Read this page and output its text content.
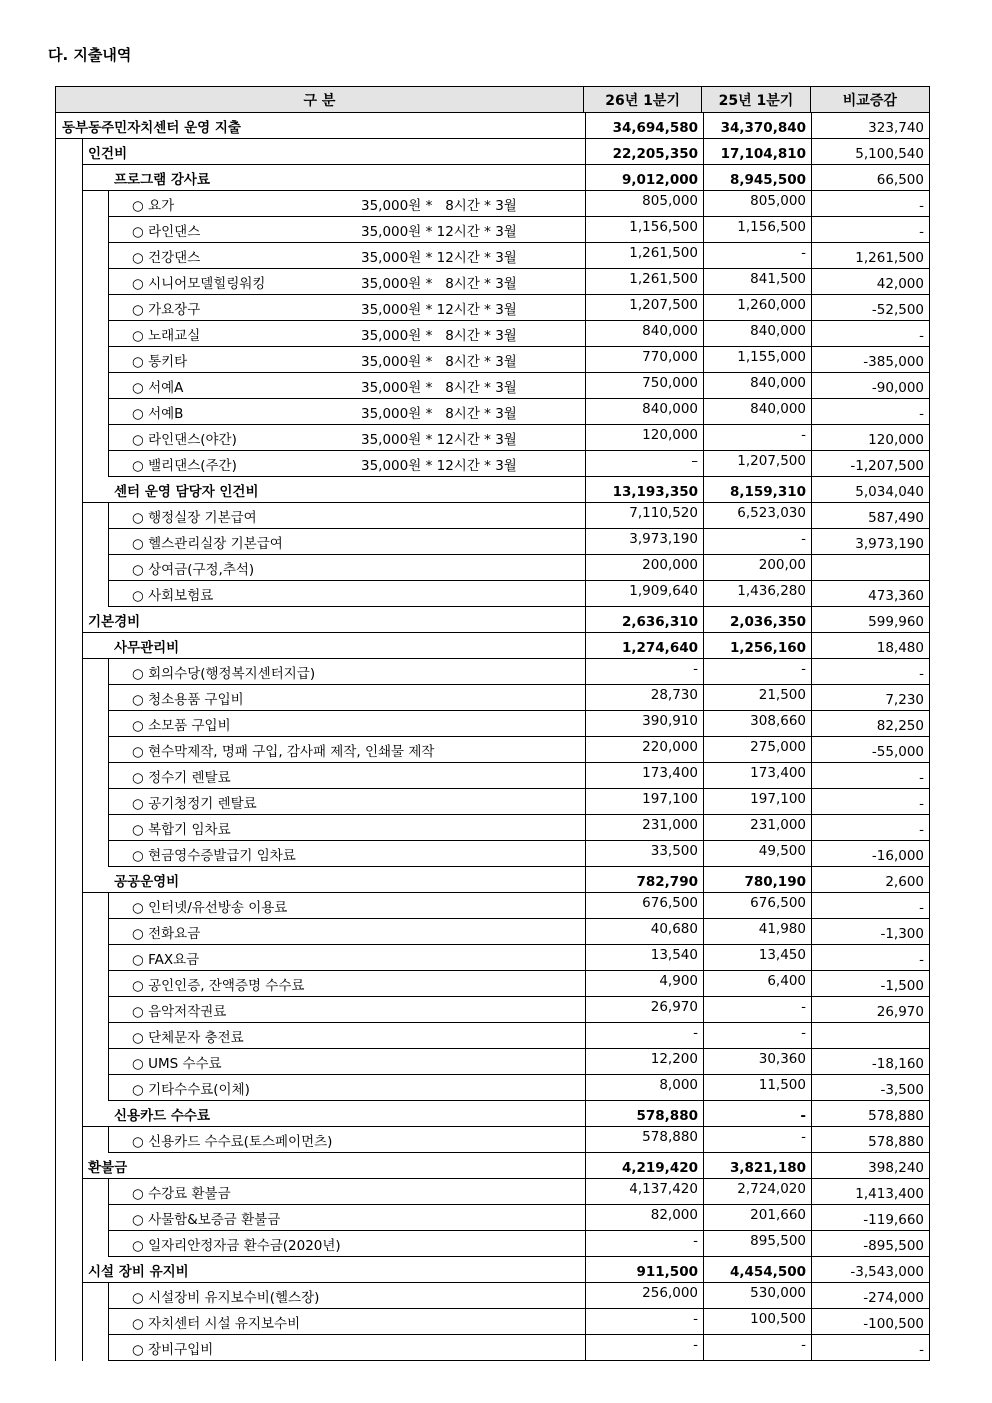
다. 지출내역
구 분	26년 1분기	25년 1분기	비교증감
동부동주민자치센터 운영 지출	34,694,580	34,370,840	323,740
인건비	22,205,350	17,104,810	5,100,540
프로그램 강사료	9,012,000	8,945,500	66,500
○ 요가	35,000원 *   8시간 * 3월	805,000	805,000	-
○ 라인댄스	35,000원 * 12시간 * 3월	1,156,500	1,156,500	-
○ 건강댄스	35,000원 * 12시간 * 3월	1,261,500	-	1,261,500
○ 시니어모델힐링워킹	35,000원 *   8시간 * 3월	1,261,500	841,500	42,000
○ 가요장구	35,000원 * 12시간 * 3월	1,207,500	1,260,000	-52,500
○ 노래교실	35,000원 *   8시간 * 3월	840,000	840,000	-
○ 통키타	35,000원 *   8시간 * 3월	770,000	1,155,000	-385,000
○ 서예A	35,000원 *   8시간 * 3월	750,000	840,000	-90,000
○ 서예B	35,000원 *   8시간 * 3월	840,000	840,000	-
○ 라인댄스(야간)	35,000원 * 12시간 * 3월	120,000	-	120,000
○ 밸리댄스(주간)	35,000원 * 12시간 * 3월	–	1,207,500	-1,207,500
센터 운영 담당자 인건비	13,193,350	8,159,310	5,034,040
○ 행정실장 기본급여	7,110,520	6,523,030	587,490
○ 헬스관리실장 기본급여	3,973,190	-	3,973,190
○ 상여금(구정,추석)	200,000	200,00
○ 사회보험료	1,909,640	1,436,280	473,360
기본경비	2,636,310	2,036,350	599,960
사무관리비	1,274,640	1,256,160	18,480
○ 회의수당(행정복지센터지급)	-	-	-
○ 청소용품 구입비	28,730	21,500	7,230
○ 소모품 구입비	390,910	308,660	82,250
○ 현수막제작, 명패 구입, 감사패 제작, 인쇄물 제작	220,000	275,000	-55,000
○ 정수기 렌탈료	173,400	173,400	-
○ 공기청정기 렌탈료	197,100	197,100	-
○ 복합기 임차료	231,000	231,000	-
○ 현금영수증발급기 임차료	33,500	49,500	-16,000
공공운영비	782,790	780,190	2,600
○ 인터넷/유선방송 이용료	676,500	676,500	-
○ 전화요금	40,680	41,980	-1,300
○ FAX요금	13,540	13,450	-
○ 공인인증, 잔액증명 수수료	4,900	6,400	-1,500
○ 음악저작권료	26,970	-	26,970
○ 단체문자 충전료	-	-
○ UMS 수수료	12,200	30,360	-18,160
○ 기타수수료(이체)	8,000	11,500	-3,500
신용카드 수수료	578,880	-	578,880
○ 신용카드 수수료(토스페이먼츠)	578,880	-	578,880
환불금	4,219,420	3,821,180	398,240
○ 수강료 환불금	4,137,420	2,724,020	1,413,400
○ 사물함&보증금 환불금	82,000	201,660	-119,660
○ 일자리안정자금 환수금(2020년)	-	895,500	-895,500
시설 장비 유지비	911,500	4,454,500	-3,543,000
○ 시설장비 유지보수비(헬스장)	256,000	530,000	-274,000
○ 자치센터 시설 유지보수비	-	100,500	-100,500
○ 장비구입비	-	-	-
